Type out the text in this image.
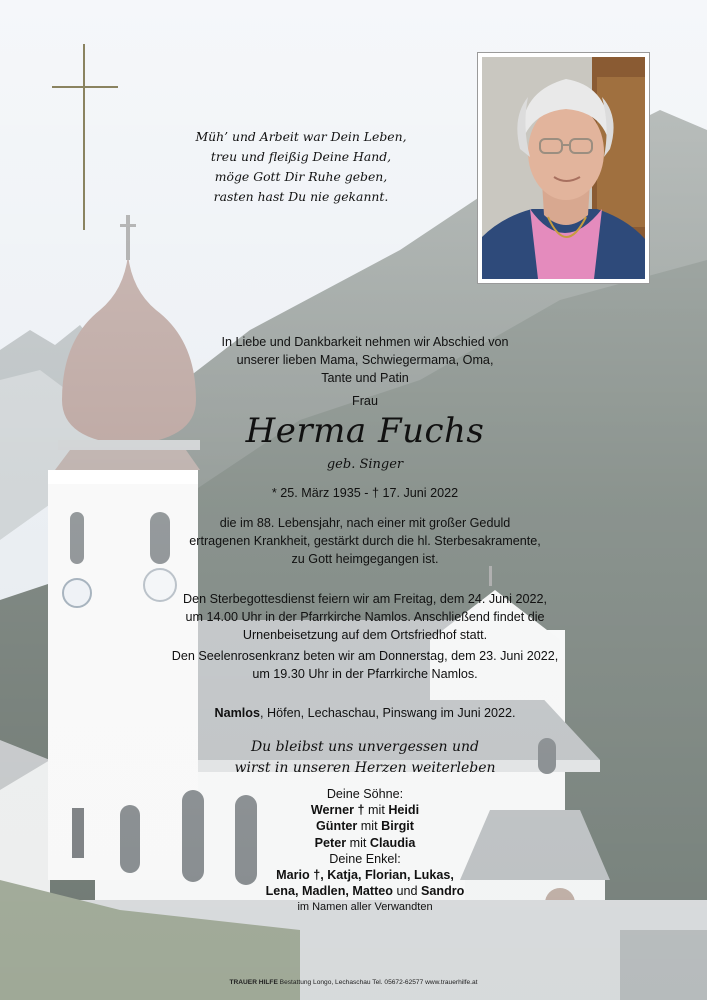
Müh’ und Arbeit war Dein Leben,
treu und fleißig Deine Hand,
möge Gott Dir Ruhe geben,
rasten hast Du nie gekannt.
In Liebe und Dankbarkeit nehmen wir Abschied von
unserer lieben Mama, Schwiegermama, Oma,
Tante und Patin
Frau
Herma Fuchs
geb. Singer
* 25. März 1935 - † 17. Juni 2022
die im 88. Lebensjahr, nach einer mit großer Geduld
ertragenen Krankheit, gestärkt durch die hl. Sterbesakramente,
zu Gott heimgegangen ist.
Den Sterbegottesdienst feiern wir am Freitag, dem 24. Juni 2022,
um 14.00 Uhr in der Pfarrkirche Namlos. Anschließend findet die
Urnenbeisetzung auf dem Ortsfriedhof statt.
Den Seelenrosenkranz beten wir am Donnerstag, dem 23. Juni 2022,
um 19.30 Uhr in der Pfarrkirche Namlos.
Namlos, Höfen, Lechaschau, Pinswang im Juni 2022.
Du bleibst uns unvergessen und
wirst in unseren Herzen weiterleben
Deine Söhne:
Werner † mit Heidi
Günter mit Birgit
Peter mit Claudia
Deine Enkel:
Mario †, Katja, Florian, Lukas,
Lena, Madlen, Matteo und Sandro
im Namen aller Verwandten
TRAUER HILFE Bestattung Longo, Lechaschau Tel. 05672-62577 www.trauerhilfe.at
